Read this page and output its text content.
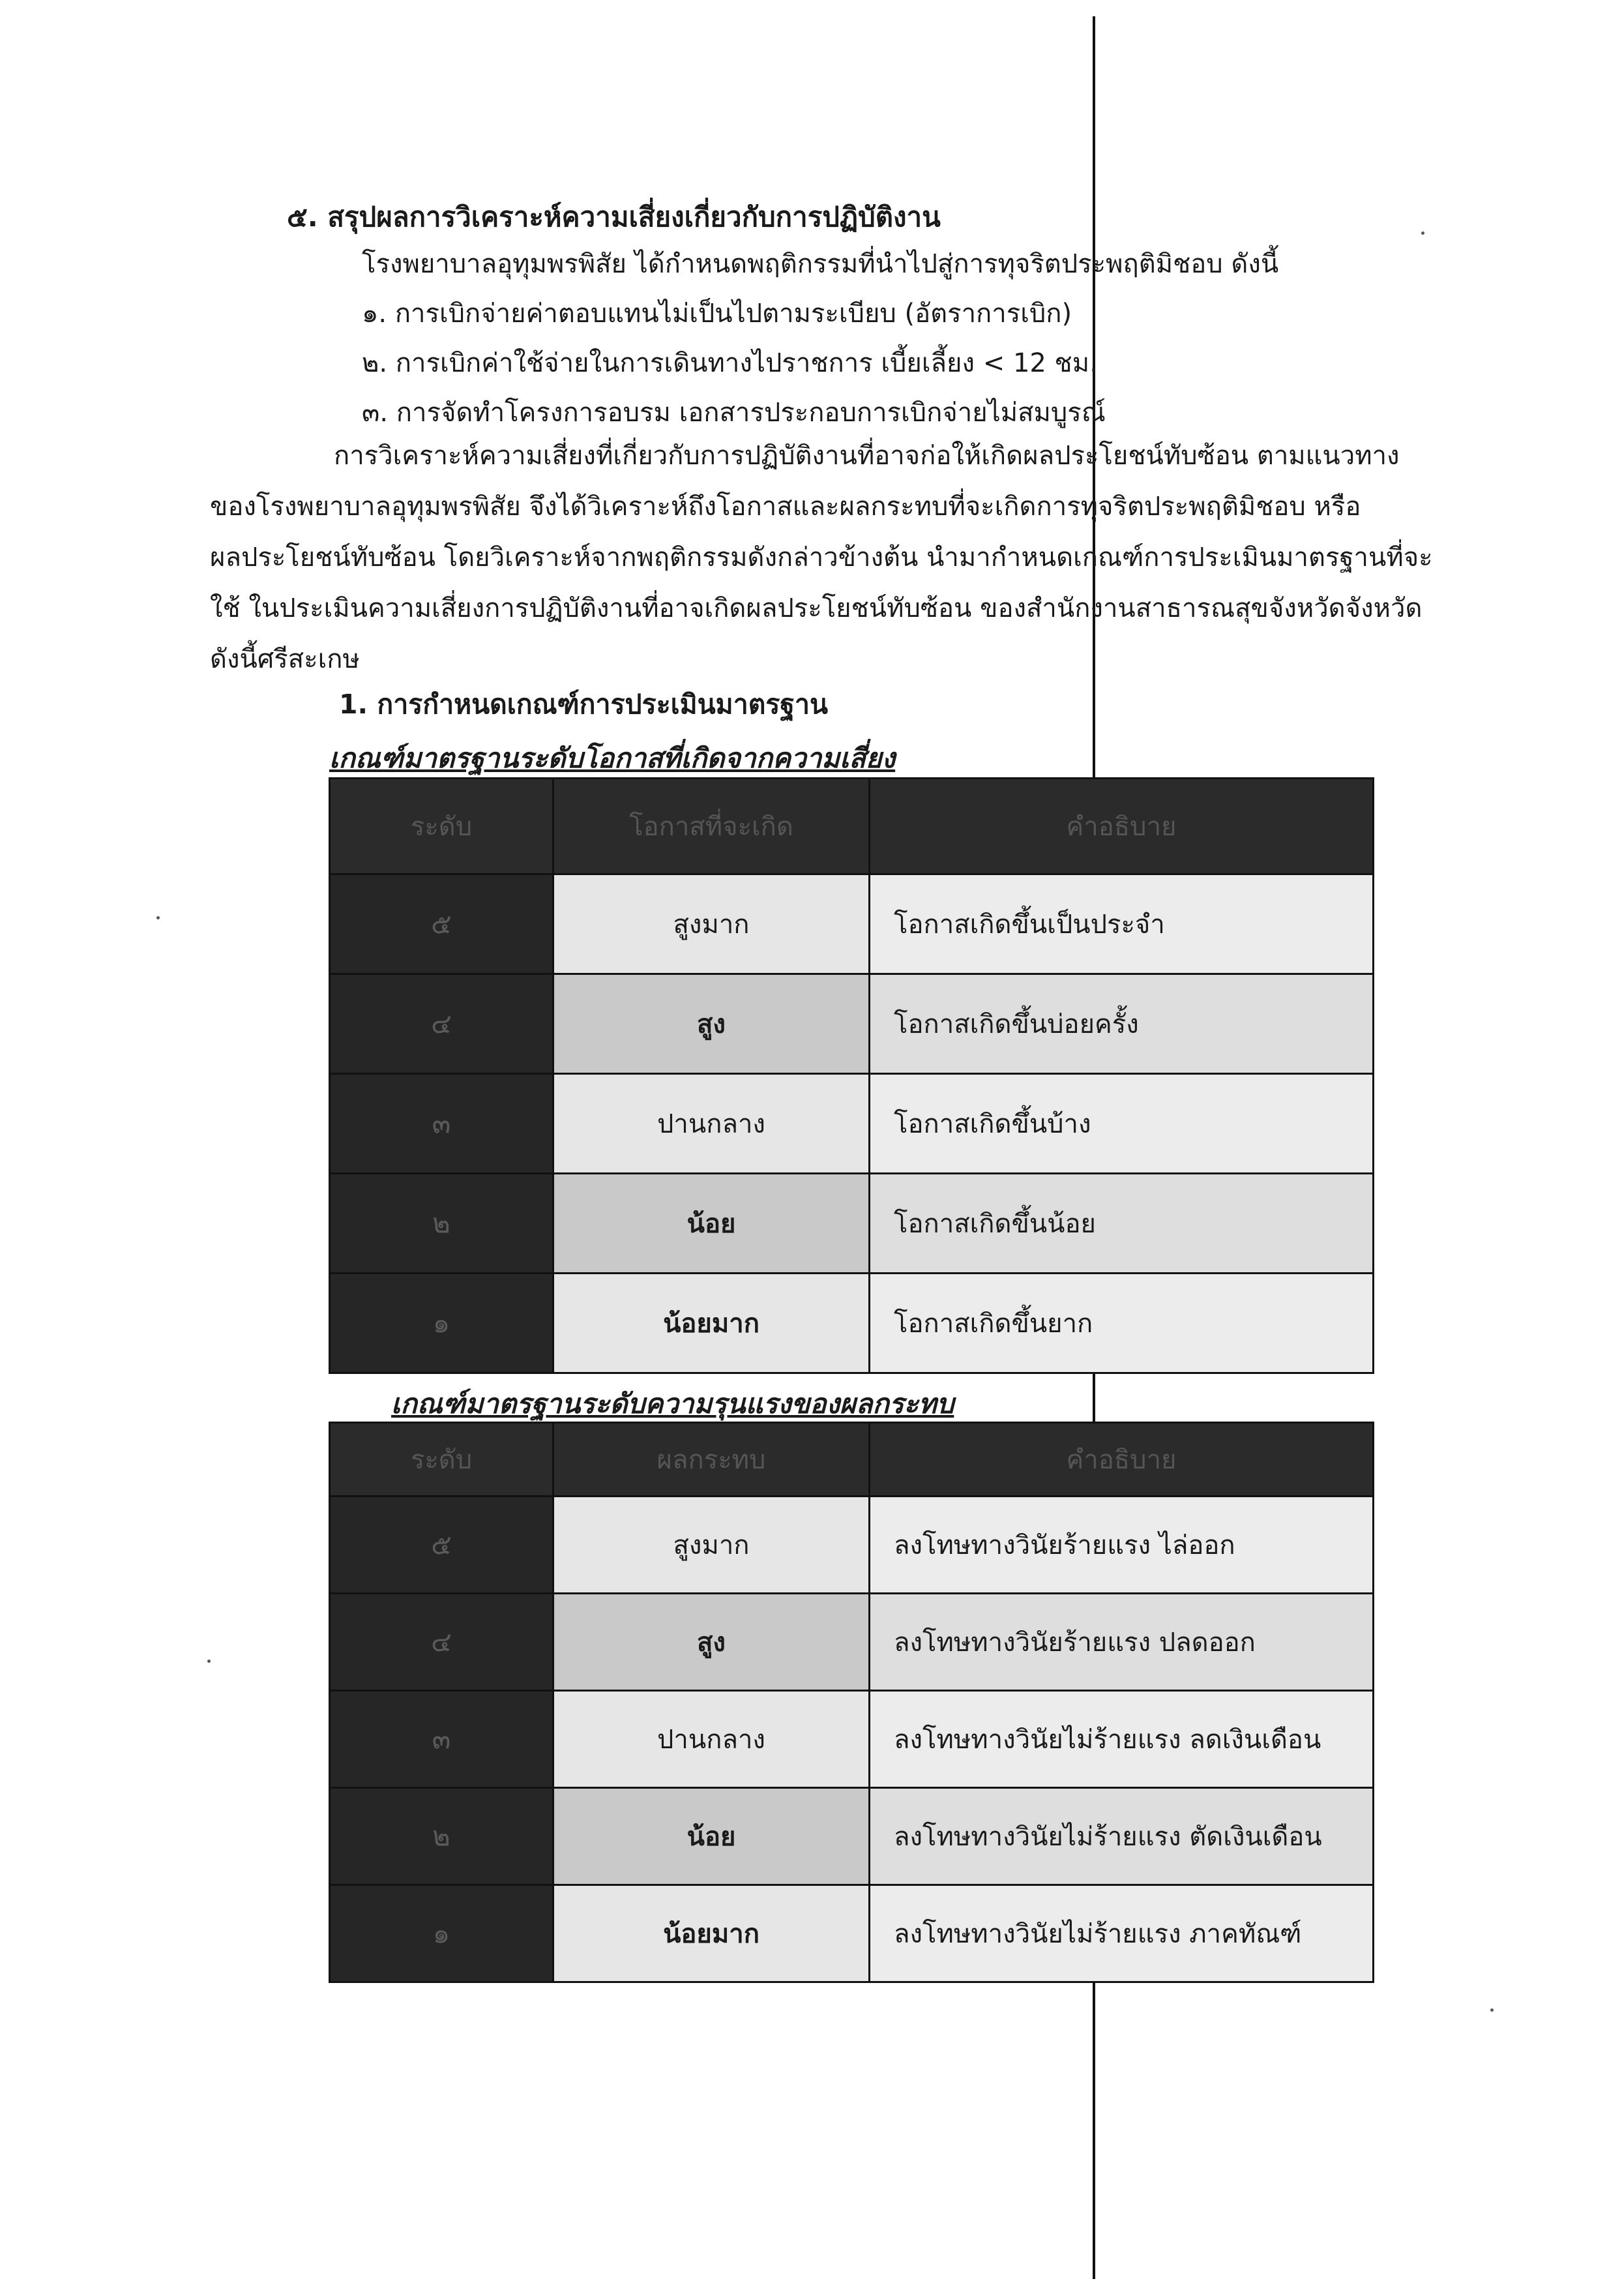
๕. สรุปผลการวิเคราะห์ความเสี่ยงเกี่ยวกับการปฏิบัติงาน
โรงพยาบาลอุทุมพรพิสัย ได้กำหนดพฤติกรรมที่นำไปสู่การทุจริตประพฤติมิชอบ ดังนี้
๑. การเบิกจ่ายค่าตอบแทนไม่เป็นไปตามระเบียบ (อัตราการเบิก)
๒. การเบิกค่าใช้จ่ายในการเดินทางไปราชการ เบี้ยเลี้ยง < 12 ชม.
๓. การจัดทำโครงการอบรม เอกสารประกอบการเบิกจ่ายไม่สมบูรณ์

การวิเคราะห์ความเสี่ยงที่เกี่ยวกับการปฏิบัติงานที่อาจก่อให้เกิดผลประโยชน์ทับซ้อน ตามแนวทาง

ของโรงพยาบาลอุทุมพรพิสัย จึงได้วิเคราะห์ถึงโอกาสและผลกระทบที่จะเกิดการทุจริตประพฤติมิชอบ หรือ

ผลประโยชน์ทับซ้อน โดยวิเคราะห์จากพฤติกรรมดังกล่าวข้างต้น นำมากำหนดเกณฑ์การประเมินมาตรฐานที่จะ

ใช้ ในประเมินความเสี่ยงการปฏิบัติงานที่อาจเกิดผลประโยชน์ทับซ้อน ของสำนักงานสาธารณสุขจังหวัดจังหวัด

ดังนี้ศรีสะเกษ

1. การกำหนดเกณฑ์การประเมินมาตรฐาน
เกณฑ์มาตรฐานระดับโอกาสที่เกิดจากความเสี่ยง
ระดับ	โอกาสที่จะเกิด	คำอธิบาย
๕	สูงมาก	โอกาสเกิดขึ้นเป็นประจำ
๔	สูง	โอกาสเกิดขึ้นบ่อยครั้ง
๓	ปานกลาง	โอกาสเกิดขึ้นบ้าง
๒	น้อย	โอกาสเกิดขึ้นน้อย
๑	น้อยมาก	โอกาสเกิดขึ้นยาก
เกณฑ์มาตรฐานระดับความรุนแรงของผลกระทบ
ระดับ	ผลกระทบ	คำอธิบาย
๕	สูงมาก	ลงโทษทางวินัยร้ายแรง ไล่ออก
๔	สูง	ลงโทษทางวินัยร้ายแรง ปลดออก
๓	ปานกลาง	ลงโทษทางวินัยไม่ร้ายแรง ลดเงินเดือน
๒	น้อย	ลงโทษทางวินัยไม่ร้ายแรง ตัดเงินเดือน
๑	น้อยมาก	ลงโทษทางวินัยไม่ร้ายแรง ภาคทัณฑ์
